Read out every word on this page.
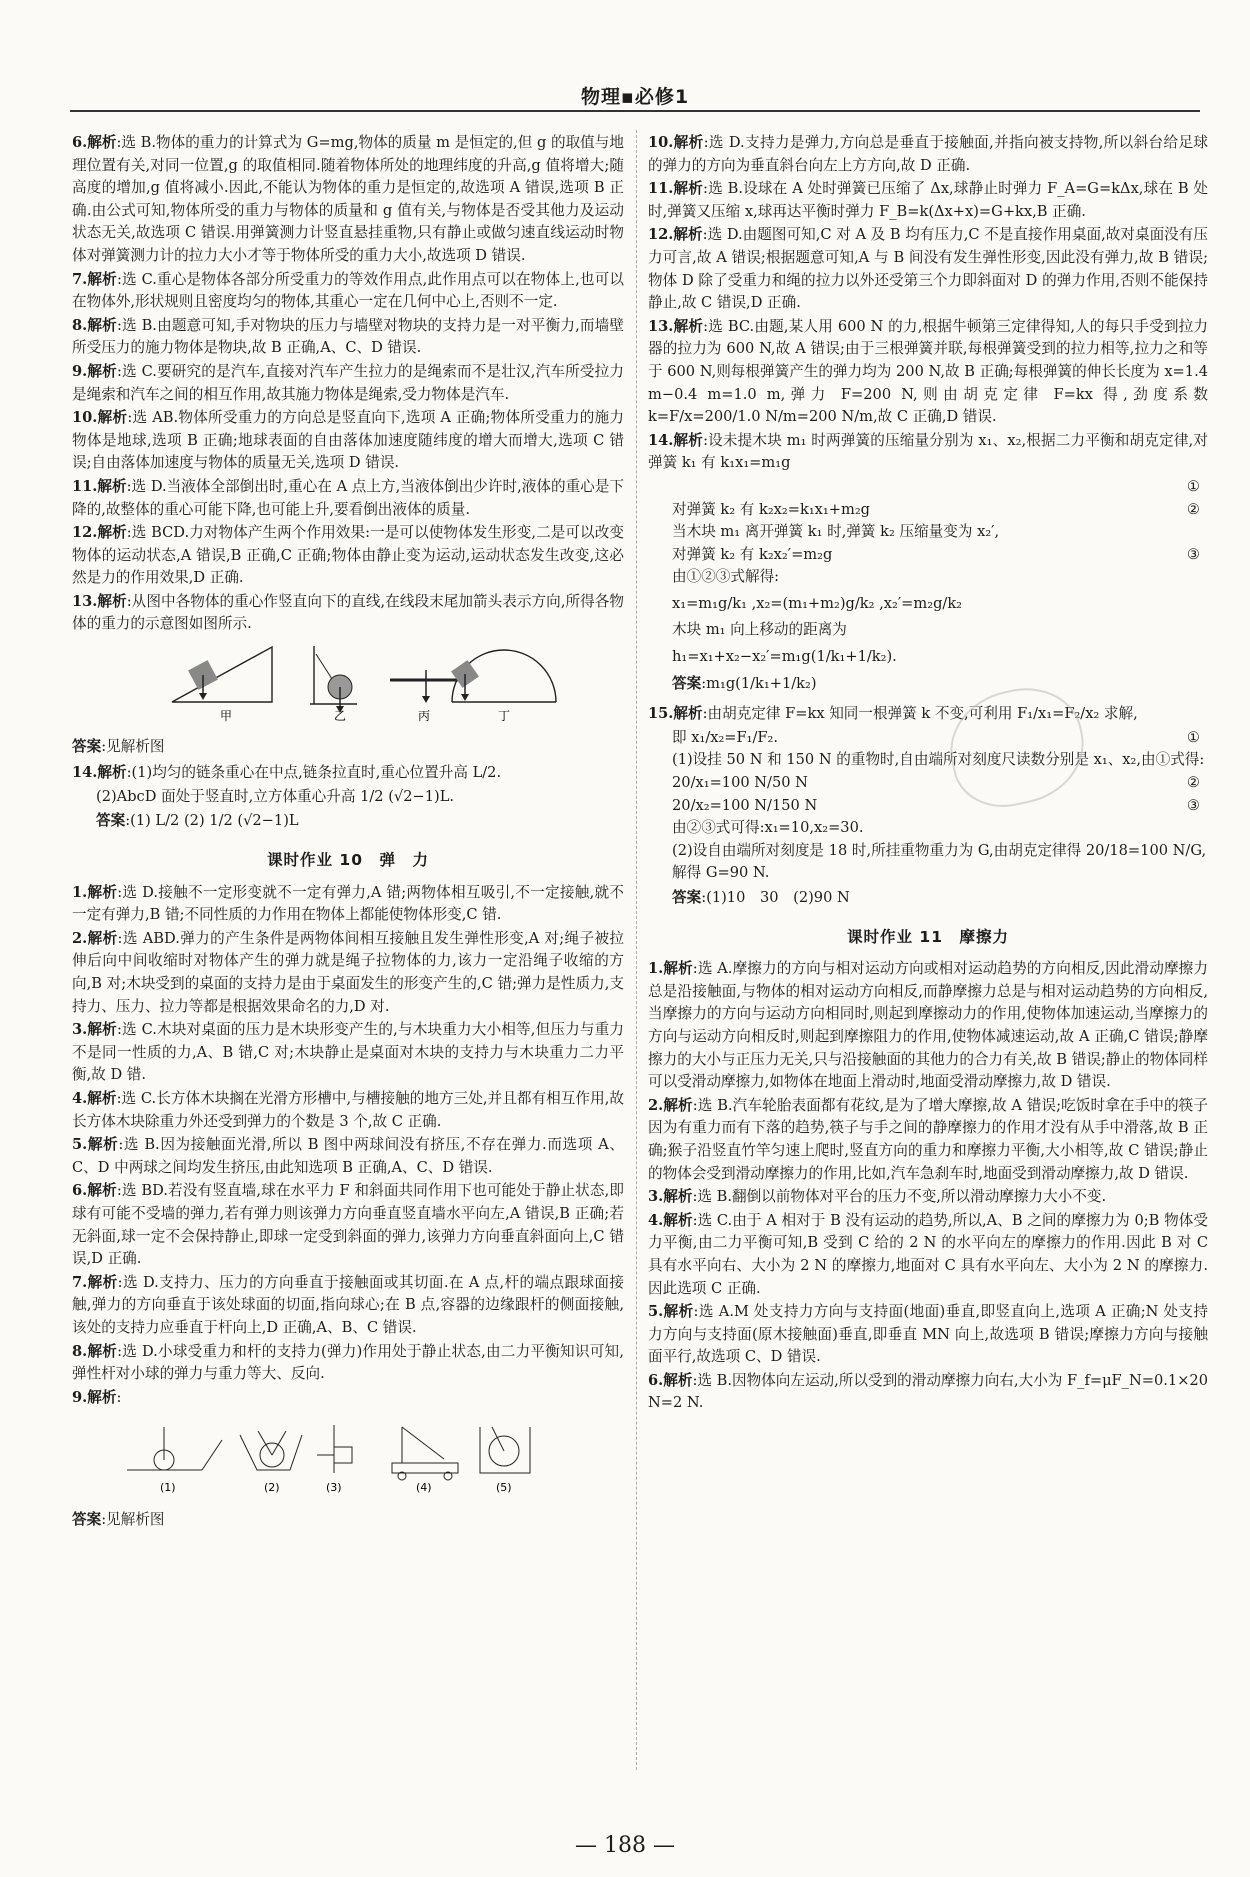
物理▪必修1
6.解析:选 B.物体的重力的计算式为 G=mg,物体的质量 m 是恒定的,但 g 的取值与地理位置有关,对同一位置,g 的取值相同.随着物体所处的地理纬度的升高,g 值将增大;随高度的增加,g 值将减小.因此,不能认为物体的重力是恒定的,故选项 A 错误,选项 B 正确.由公式可知,物体所受的重力与物体的质量和 g 值有关,与物体是否受其他力及运动状态无关,故选项 C 错误.用弹簧测力计竖直悬挂重物,只有静止或做匀速直线运动时物体对弹簧测力计的拉力大小才等于物体所受的重力大小,故选项 D 错误.
7.解析:选 C.重心是物体各部分所受重力的等效作用点,此作用点可以在物体上,也可以在物体外,形状规则且密度均匀的物体,其重心一定在几何中心上,否则不一定.
8.解析:选 B.由题意可知,手对物块的压力与墙壁对物块的支持力是一对平衡力,而墙壁所受压力的施力物体是物块,故 B 正确,A、C、D 错误.
9.解析:选 C.要研究的是汽车,直接对汽车产生拉力的是绳索而不是壮汉,汽车所受拉力是绳索和汽车之间的相互作用,故其施力物体是绳索,受力物体是汽车.
10.解析:选 AB.物体所受重力的方向总是竖直向下,选项 A 正确;物体所受重力的施力物体是地球,选项 B 正确;地球表面的自由落体加速度随纬度的增大而增大,选项 C 错误;自由落体加速度与物体的质量无关,选项 D 错误.
11.解析:选 D.当液体全部倒出时,重心在 A 点上方,当液体倒出少许时,液体的重心是下降的,故整体的重心可能下降,也可能上升,要看倒出液体的质量.
12.解析:选 BCD.力对物体产生两个作用效果:一是可以使物体发生形变,二是可以改变物体的运动状态,A 错误,B 正确,C 正确;物体由静止变为运动,运动状态发生改变,这必然是力的作用效果,D 正确.
13.解析:从图中各物体的重心作竖直向下的直线,在线段末尾加箭头表示方向,所得各物体的重力的示意图如图所示.
甲	乙	丙	丁
答案:见解析图
14.解析:(1)均匀的链条重心在中点,链条拉直时,重心位置升高 L/2.
(2)AbcD 面处于竖直时,立方体重心升高 1/2 (√2−1)L.
答案:(1) L/2 (2) 1/2 (√2−1)L
课时作业 10　弹　力
1.解析:选 D.接触不一定形变就不一定有弹力,A 错;两物体相互吸引,不一定接触,就不一定有弹力,B 错;不同性质的力作用在物体上都能使物体形变,C 错.
2.解析:选 ABD.弹力的产生条件是两物体间相互接触且发生弹性形变,A 对;绳子被拉伸后向中间收缩时对物体产生的弹力就是绳子拉物体的力,该力一定沿绳子收缩的方向,B 对;木块受到的桌面的支持力是由于桌面发生的形变产生的,C 错;弹力是性质力,支持力、压力、拉力等都是根据效果命名的力,D 对.
3.解析:选 C.木块对桌面的压力是木块形变产生的,与木块重力大小相等,但压力与重力不是同一性质的力,A、B 错,C 对;木块静止是桌面对木块的支持力与木块重力二力平衡,故 D 错.
4.解析:选 C.长方体木块搁在光滑方形槽中,与槽接触的地方三处,并且都有相互作用,故长方体木块除重力外还受到弹力的个数是 3 个,故 C 正确.
5.解析:选 B.因为接触面光滑,所以 B 图中两球间没有挤压,不存在弹力.而选项 A、C、D 中两球之间均发生挤压,由此知选项 B 正确,A、C、D 错误.
6.解析:选 BD.若没有竖直墙,球在水平力 F 和斜面共同作用下也可能处于静止状态,即球有可能不受墙的弹力,若有弹力则该弹力方向垂直竖直墙水平向左,A 错误,B 正确;若无斜面,球一定不会保持静止,即球一定受到斜面的弹力,该弹力方向垂直斜面向上,C 错误,D 正确.
7.解析:选 D.支持力、压力的方向垂直于接触面或其切面.在 A 点,杆的端点跟球面接触,弹力的方向垂直于该处球面的切面,指向球心;在 B 点,容器的边缘跟杆的侧面接触,该处的支持力应垂直于杆向上,D 正确,A、B、C 错误.
8.解析:选 D.小球受重力和杆的支持力(弹力)作用处于静止状态,由二力平衡知识可知,弹性杆对小球的弹力与重力等大、反向.
9.解析:
(1)	(2)	(3)	(4)	(5)
答案:见解析图
10.解析:选 D.支持力是弹力,方向总是垂直于接触面,并指向被支持物,所以斜台给足球的弹力的方向为垂直斜台向左上方方向,故 D 正确.
11.解析:选 B.设球在 A 处时弹簧已压缩了 Δx,球静止时弹力 F_A=G=kΔx,球在 B 处时,弹簧又压缩 x,球再达平衡时弹力 F_B=k(Δx+x)=G+kx,B 正确.
12.解析:选 D.由题图可知,C 对 A 及 B 均有压力,C 不是直接作用桌面,故对桌面没有压力可言,故 A 错误;根据题意可知,A 与 B 间没有发生弹性形变,因此没有弹力,故 B 错误;物体 D 除了受重力和绳的拉力以外还受第三个力即斜面对 D 的弹力作用,否则不能保持静止,故 C 错误,D 正确.
13.解析:选 BC.由题,某人用 600 N 的力,根据牛顿第三定律得知,人的每只手受到拉力器的拉力为 600 N,故 A 错误;由于三根弹簧并联,每根弹簧受到的拉力相等,拉力之和等于 600 N,则每根弹簧产生的弹力均为 200 N,故 B 正确;每根弹簧的伸长长度为 x=1.4 m−0.4 m=1.0 m,弹力 F=200 N,则由胡克定律 F=kx 得,劲度系数 k=F/x=200/1.0 N/m=200 N/m,故 C 正确,D 错误.
14.解析:设未提木块 m₁ 时两弹簧的压缩量分别为 x₁、x₂,根据二力平衡和胡克定律,对弹簧 k₁ 有 k₁x₁=m₁g
①

对弹簧 k₂ 有 k₂x₂=k₁x₁+m₂g	②
当木块 m₁ 离开弹簧 k₁ 时,弹簧 k₂ 压缩量变为 x₂′,
对弹簧 k₂ 有 k₂x₂′=m₂g	③
由①②③式解得:
x₁=m₁g/k₁ ,x₂=(m₁+m₂)g/k₂ ,x₂′=m₂g/k₂
木块 m₁ 向上移动的距离为
h₁=x₁+x₂−x₂′=m₁g(1/k₁+1/k₂).
答案:m₁g(1/k₁+1/k₂)
15.解析:由胡克定律 F=kx 知同一根弹簧 k 不变,可利用 F₁/x₁=F₂/x₂ 求解,
即 x₁/x₂=F₁/F₂.	①
(1)设挂 50 N 和 150 N 的重物时,自由端所对刻度尺读数分别是 x₁、x₂,由①式得:
20/x₁=100 N/50 N	②
20/x₂=100 N/150 N	③
由②③式可得:x₁=10,x₂=30.
(2)设自由端所对刻度是 18 时,所挂重物重力为 G,由胡克定律得 20/18=100 N/G,解得 G=90 N.
答案:(1)10　30　(2)90 N
课时作业 11　摩擦力
1.解析:选 A.摩擦力的方向与相对运动方向或相对运动趋势的方向相反,因此滑动摩擦力总是沿接触面,与物体的相对运动方向相反,而静摩擦力总是与相对运动趋势的方向相反,当摩擦力的方向与运动方向相同时,则起到摩擦动力的作用,使物体加速运动,当摩擦力的方向与运动方向相反时,则起到摩擦阻力的作用,使物体减速运动,故 A 正确,C 错误;静摩擦力的大小与正压力无关,只与沿接触面的其他力的合力有关,故 B 错误;静止的物体同样可以受滑动摩擦力,如物体在地面上滑动时,地面受滑动摩擦力,故 D 错误.
2.解析:选 B.汽车轮胎表面都有花纹,是为了增大摩擦,故 A 错误;吃饭时拿在手中的筷子因为有重力而有下落的趋势,筷子与手之间的静摩擦力的作用才没有从手中滑落,故 B 正确;猴子沿竖直竹竿匀速上爬时,竖直方向的重力和摩擦力平衡,大小相等,故 C 错误;静止的物体会受到滑动摩擦力的作用,比如,汽车急刹车时,地面受到滑动摩擦力,故 D 错误.
3.解析:选 B.翻倒以前物体对平台的压力不变,所以滑动摩擦力大小不变.
4.解析:选 C.由于 A 相对于 B 没有运动的趋势,所以,A、B 之间的摩擦力为 0;B 物体受力平衡,由二力平衡可知,B 受到 C 给的 2 N 的水平向左的摩擦力的作用.因此 B 对 C 具有水平向右、大小为 2 N 的摩擦力,地面对 C 具有水平向左、大小为 2 N 的摩擦力.因此选项 C 正确.
5.解析:选 A.M 处支持力方向与支持面(地面)垂直,即竖直向上,选项 A 正确;N 处支持力方向与支持面(原木接触面)垂直,即垂直 MN 向上,故选项 B 错误;摩擦力方向与接触面平行,故选项 C、D 错误.
6.解析:选 B.因物体向左运动,所以受到的滑动摩擦力向右,大小为 F_f=μF_N=0.1×20 N=2 N.
— 188 —
